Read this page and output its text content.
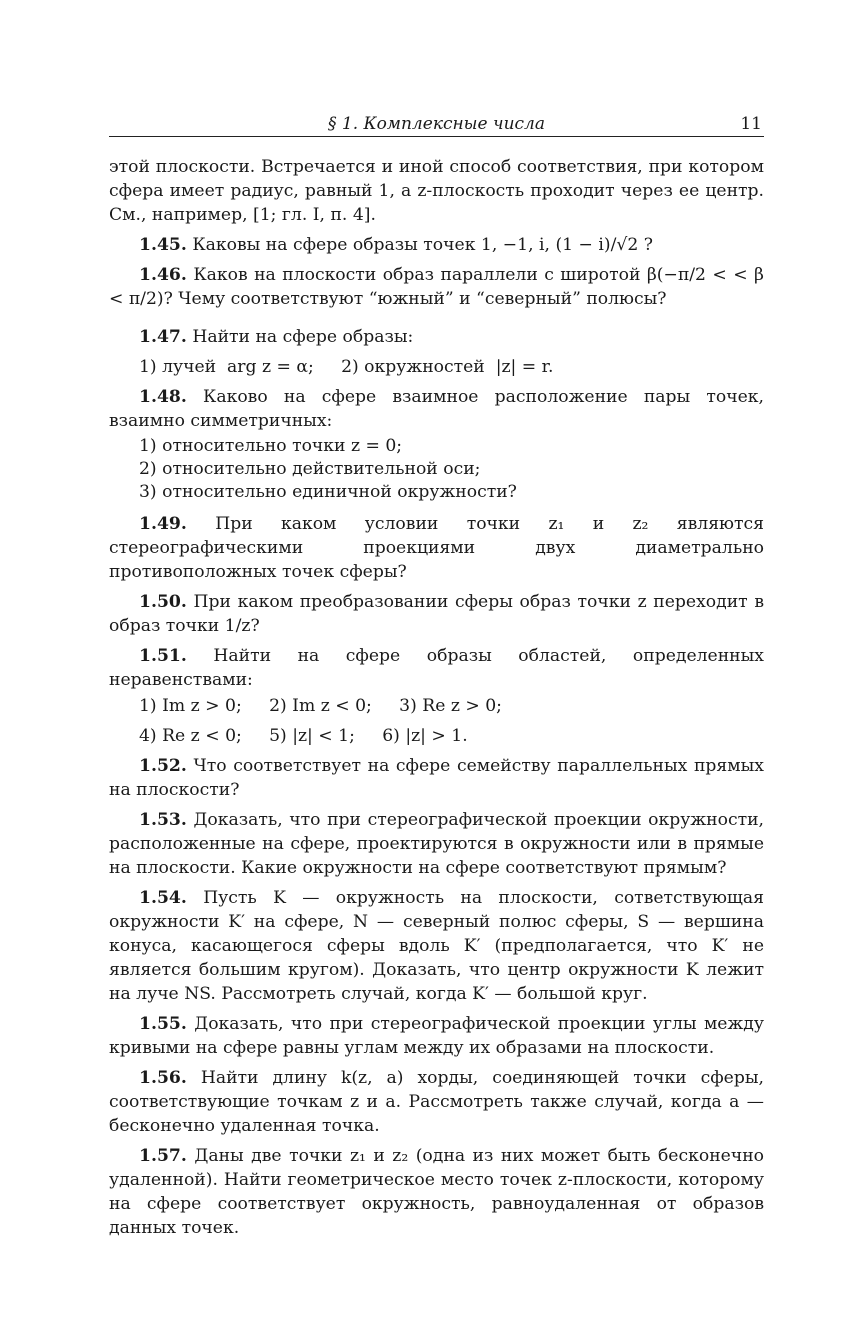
§ 1. Комплексные числа	11

этой плоскости. Встречается и иной способ соответствия, при котором сфера имеет радиус, равный 1, а z-плоскость проходит через ее центр. См., например, [1; гл. I, п. 4].

1.45. Каковы на сфере образы точек 1, −1, i, (1 − i)/√2 ?

1.46. Каков на плоскости образ параллели с широтой β(−π/2 < < β < π/2)? Чему соответствуют “южный” и “северный” полюсы?

1.47. Найти на сфере образы:

1) лучей  arg z = α;     2) окружностей  |z| = r.

1.48. Каково на сфере взаимное расположение пары точек, взаимно симметричных:

1) относительно точки z = 0;

2) относительно действительной оси;

3) относительно единичной окружности?

1.49. При каком условии точки z₁ и z₂ являются стереографическими проекциями двух диаметрально противоположных точек сферы?

1.50. При каком преобразовании сферы образ точки z переходит в образ точки 1/z?

1.51. Найти на сфере образы областей, определенных неравенствами:

1) Im z > 0;     2) Im z < 0;     3) Re z > 0;

4) Re z < 0;     5) |z| < 1;     6) |z| > 1.

1.52. Что соответствует на сфере семейству параллельных прямых на плоскости?

1.53. Доказать, что при стереографической проекции окружности, расположенные на сфере, проектируются в окружности или в прямые на плоскости. Какие окружности на сфере соответствуют прямым?

1.54. Пусть K — окружность на плоскости, сответствующая окружности K′ на сфере, N — северный полюс сферы, S — вершина конуса, касающегося сферы вдоль K′ (предполагается, что K′ не является большим кругом). Доказать, что центр окружности K лежит на луче NS. Рассмотреть случай, когда K′ — большой круг.

1.55. Доказать, что при стереографической проекции углы между кривыми на сфере равны углам между их образами на плоскости.

1.56. Найти длину k(z, a) хорды, соединяющей точки сферы, соответствующие точкам z и a. Рассмотреть также случай, когда a — бесконечно удаленная точка.

1.57. Даны две точки z₁ и z₂ (одна из них может быть бесконечно удаленной). Найти геометрическое место точек z-плоскости, которому на сфере соответствует окружность, равноудаленная от образов данных точек.
